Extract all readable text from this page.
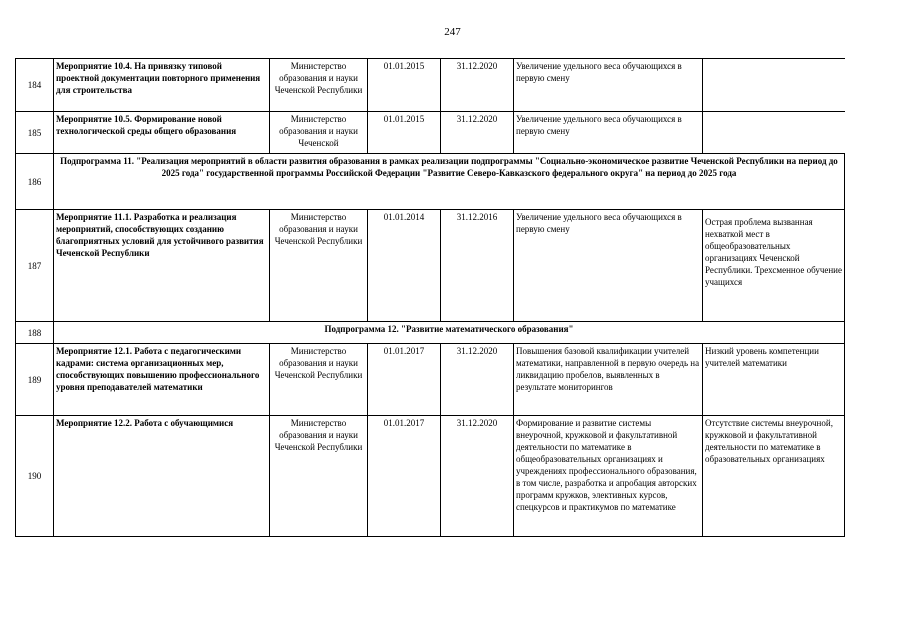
247
184	Мероприятие 10.4. На привязку типовой проектной документации повторного применения для строительства	Министерство образования и науки Чеченской Республики	01.01.2015	31.12.2020	Увеличение удельного веса обучающихся в первую смену	
185	Мероприятие 10.5. Формирование новой технологической среды общего образования	Министерство образования и науки Чеченской	01.01.2015	31.12.2020	Увеличение удельного веса обучающихся в первую смену	
186	Подпрограмма 11. "Реализация мероприятий в области развития образования в рамках реализации подпрограммы "Социально-экономическое развитие Чеченской Республики на период до 2025 года" государственной программы Российской Федерации "Развитие Северо-Кавказского федерального округа" на период до 2025 года					
187	Мероприятие 11.1. Разработка и реализация мероприятий, способствующих созданию благоприятных условий для устойчивого развития Чеченской Республики	Министерство образования и науки Чеченской Республики	01.01.2014	31.12.2016	Увеличение удельного веса обучающихся в первую смену	Острая проблема вызванная нехваткой мест в общеобразовательных организациях Чеченской Республики. Трехсменное обучение учащихся
188	Подпрограмма 12. "Развитие математического образования"					
189	Мероприятие 12.1. Работа с педагогическими кадрами: система организационных мер, способствующих повышению профессионального уровня преподавателей математики	Министерство образования и науки Чеченской Республики	01.01.2017	31.12.2020	Повышения базовой квалификации учителей математики, направленной в первую очередь на ликвидацию пробелов, выявленных в результате мониторингов	Низкий уровень компетенции учителей математики
190	Мероприятие 12.2. Работа с обучающимися	Министерство образования и науки Чеченской Республики	01.01.2017	31.12.2020	Формирование и развитие системы внеурочной, кружковой и факультативной деятельности по математике в общеобразовательных организациях и учреждениях профессионального образования, в том числе, разработка и апробация авторских программ кружков, элективных курсов, спецкурсов и практикумов по математике	Отсутствие системы внеурочной, кружковой и факультативной деятельности по математике в образовательных организациях
